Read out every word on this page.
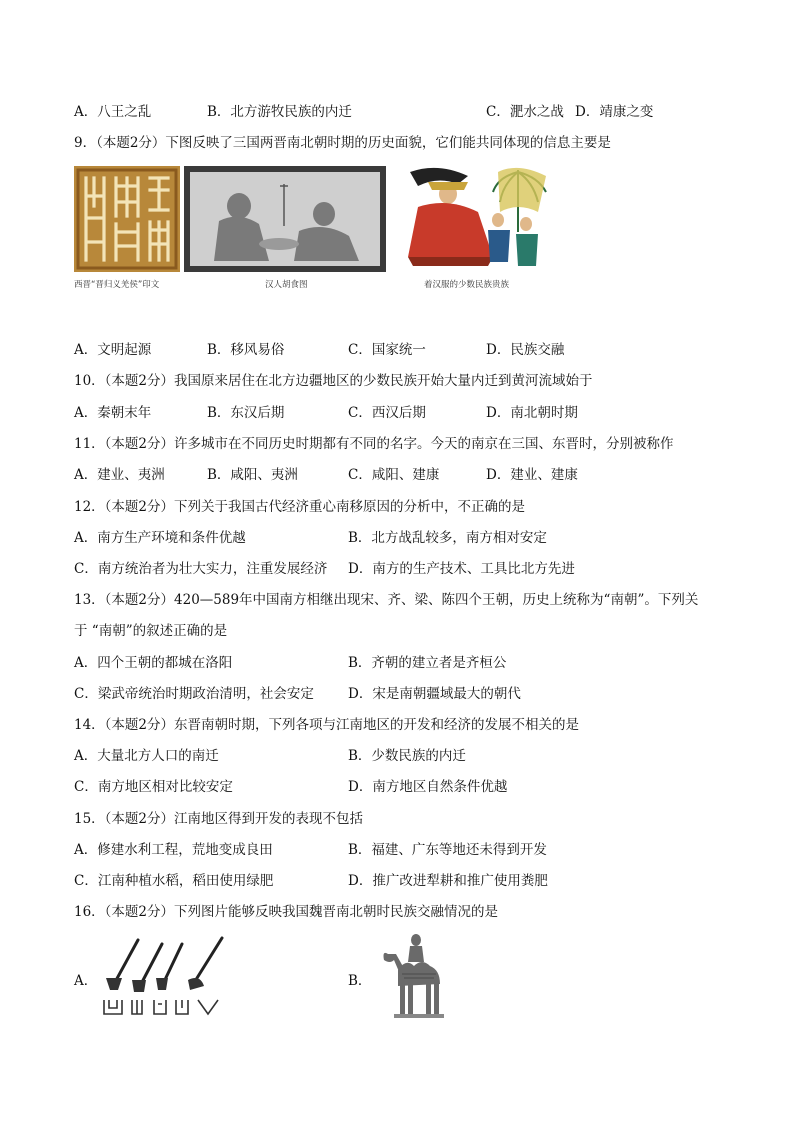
A．八王之乱	B．北方游牧民族的内迁	C．淝水之战 D．靖康之变
9．（本题2分）下图反映了三国两晋南北朝时期的历史面貌，它们能共同体现的信息主要是
西晋“晋归义羌侯”印文	汉人胡食图	着汉服的少数民族贵族
A．文明起源	B．移风易俗	C．国家统一	D．民族交融
10．（本题2分）我国原来居住在北方边疆地区的少数民族开始大量内迁到黄河流域始于
A．秦朝末年	B．东汉后期	C．西汉后期	D．南北朝时期
11．（本题2分）许多城市在不同历史时期都有不同的名字。今天的南京在三国、东晋时，分别被称作
A．建业、夷洲	B．咸阳、夷洲	C．咸阳、建康	D．建业、建康
12．（本题2分）下列关于我国古代经济重心南移原因的分析中，不正确的是
A．南方生产环境和条件优越	B．北方战乱较多，南方相对安定
C．南方统治者为壮大实力，注重发展经济 D．南方的生产技术、工具比北方先进
13．（本题2分）420—589年中国南方相继出现宋、齐、梁、陈四个王朝，历史上统称为“南朝”。下列关
于 “南朝”的叙述正确的是
A．四个王朝的都城在洛阳	B．齐朝的建立者是齐桓公
C．梁武帝统治时期政治清明，社会安定	D．宋是南朝疆域最大的朝代
14．（本题2分）东晋南朝时期，下列各项与江南地区的开发和经济的发展不相关的是
A．大量北方人口的南迁	B．少数民族的内迁
C．南方地区相对比较安定	D．南方地区自然条件优越
15．（本题2分）江南地区得到开发的表现不包括
A．修建水利工程，荒地变成良田	B．福建、广东等地还未得到开发
C．江南种植水稻，稻田使用绿肥	D．推广改进犁耕和推广使用粪肥
16．（本题2分）下列图片能够反映我国魏晋南北朝时民族交融情况的是
A．	B．
